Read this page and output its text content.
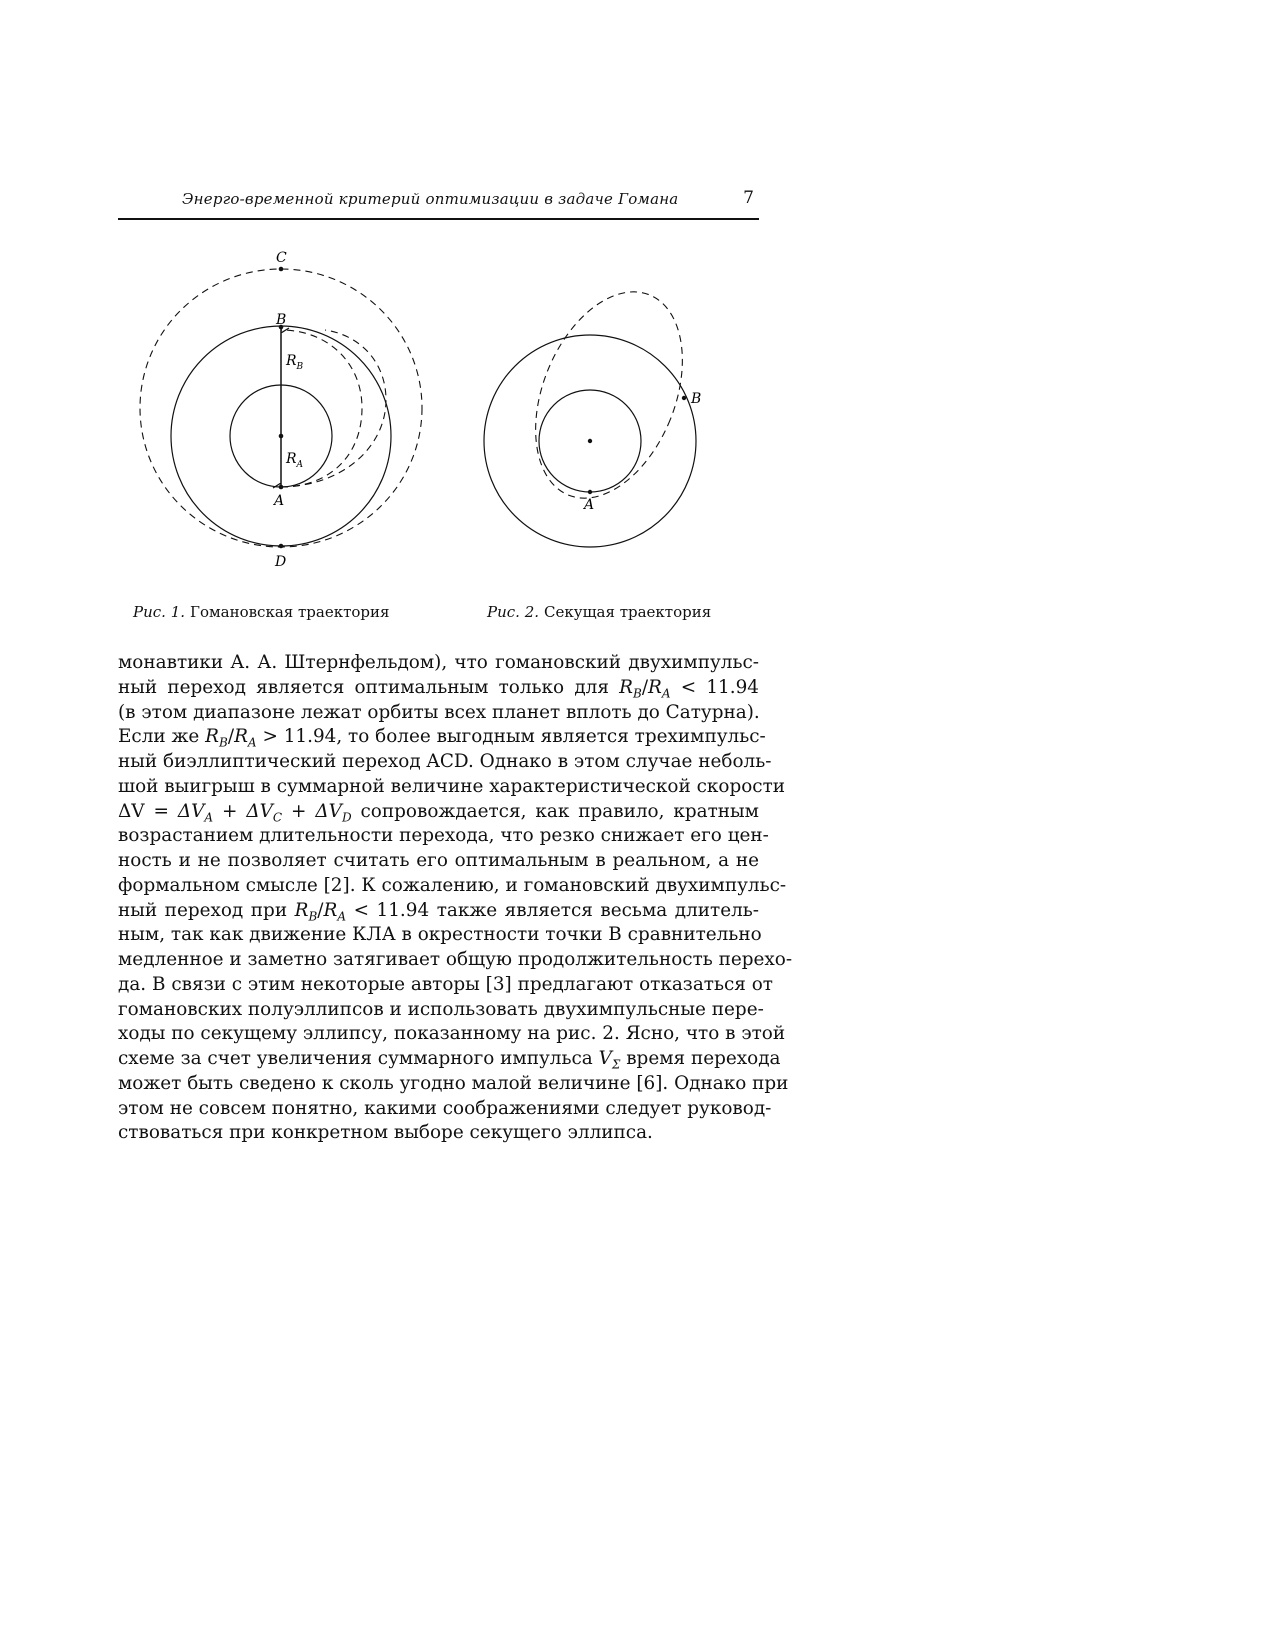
Энерго-временной критерий оптимизации в задаче Гомана	7
C
B
$R_B$
$R_A$
A
D
Рис. 1. Гомановская траектория
A
B
Рис. 2. Секущая траектория
монавтики А. А. Штернфельдом), что гомановский двухимпульс-
ный переход является оптимальным только для $R_B/R_A < 11.94$
(в этом диапазоне лежат орбиты всех планет вплоть до Сатурна).
Если же $R_B/R_A > 11.94$, то более выгодным является трехимпульс-
ный биэллиптический переход ACD. Однако в этом случае неболь-
шой выигрыш в суммарной величине характеристической скорости
$\Delta V = \Delta V_A + \Delta V_C + \Delta V_D$ сопровождается, как правило, кратным
возрастанием длительности перехода, что резко снижает его цен-
ность и не позволяет считать его оптимальным в реальном, а не
формальном смысле [2]. К сожалению, и гомановский двухимпульс-
ный переход при $R_B/R_A < 11.94$ также является весьма длитель-
ным, так как движение КЛА в окрестности точки B сравнительно
медленное и заметно затягивает общую продолжительность перехо-
да. В связи с этим некоторые авторы [3] предлагают отказаться от
гомановских полуэллипсов и использовать двухимпульсные пере-
ходы по секущему эллипсу, показанному на рис. 2. Ясно, что в этой
схеме за счет увеличения суммарного импульса $V_\Sigma$ время перехода
может быть сведено к сколь угодно малой величине [6]. Однако при
этом не совсем понятно, какими соображениями следует руковод-
ствоваться при конкретном выборе секущего эллипса.
